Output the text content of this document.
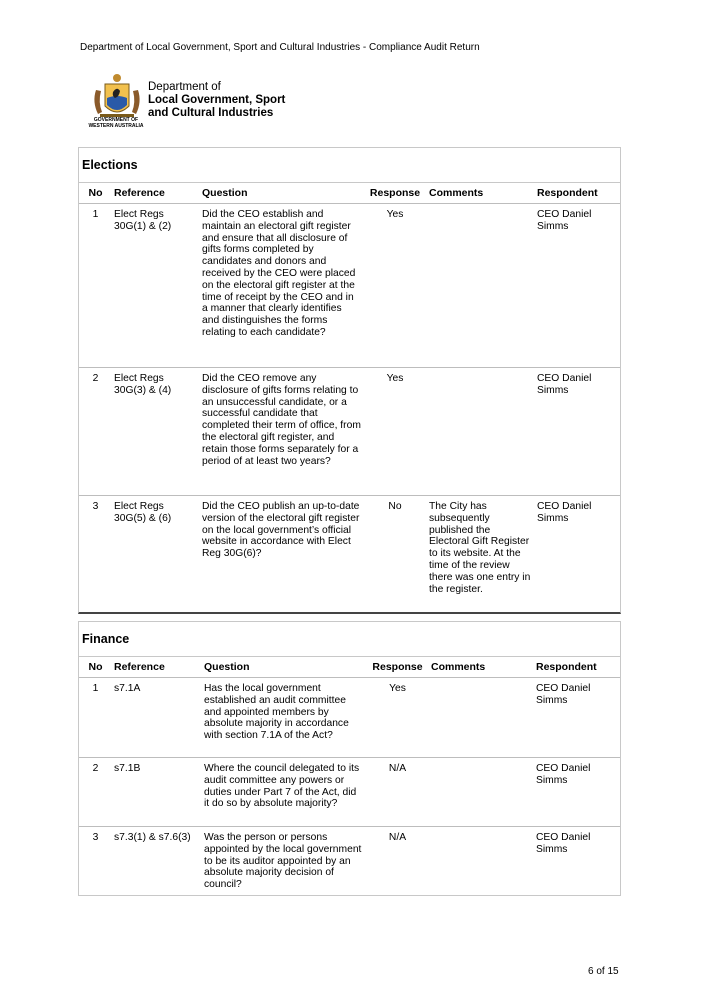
Department of Local Government, Sport and Cultural Industries - Compliance Audit Return
GOVERNMENT OF WESTERN AUSTRALIA
Department of
Local Government, Sport
and Cultural Industries
Elections
No	Reference	Question	Response	Comments	Respondent
1	Elect Regs 30G(1) & (2)	Did the CEO establish and maintain an electoral gift register and ensure that all disclosure of gifts forms completed by candidates and donors and received by the CEO were placed on the electoral gift register at the time of receipt by the CEO and in a manner that clearly identifies and distinguishes the forms relating to each candidate?	Yes		CEO Daniel Simms
2	Elect Regs 30G(3) & (4)	Did the CEO remove any disclosure of gifts forms relating to an unsuccessful candidate, or a successful candidate that completed their term of office, from the electoral gift register, and retain those forms separately for a period of at least two years?	Yes		CEO Daniel Simms
3	Elect Regs 30G(5) & (6)	Did the CEO publish an up-to-date version of the electoral gift register on the local government’s official website in accordance with Elect Reg 30G(6)?	No	The City has subsequently published the Electoral Gift Register to its website. At the time of the review there was one entry in the register.	CEO Daniel Simms
Finance
No	Reference	Question	Response	Comments	Respondent
1	s7.1A	Has the local government established an audit committee and appointed members by absolute majority in accordance with section 7.1A of the Act?	Yes		CEO Daniel Simms
2	s7.1B	Where the council delegated to its audit committee any powers or duties under Part 7 of the Act, did it do so by absolute majority?	N/A		CEO Daniel Simms
3	s7.3(1) & s7.6(3)	Was the person or persons appointed by the local government to be its auditor appointed by an absolute majority decision of council?	N/A		CEO Daniel Simms
6 of 15
